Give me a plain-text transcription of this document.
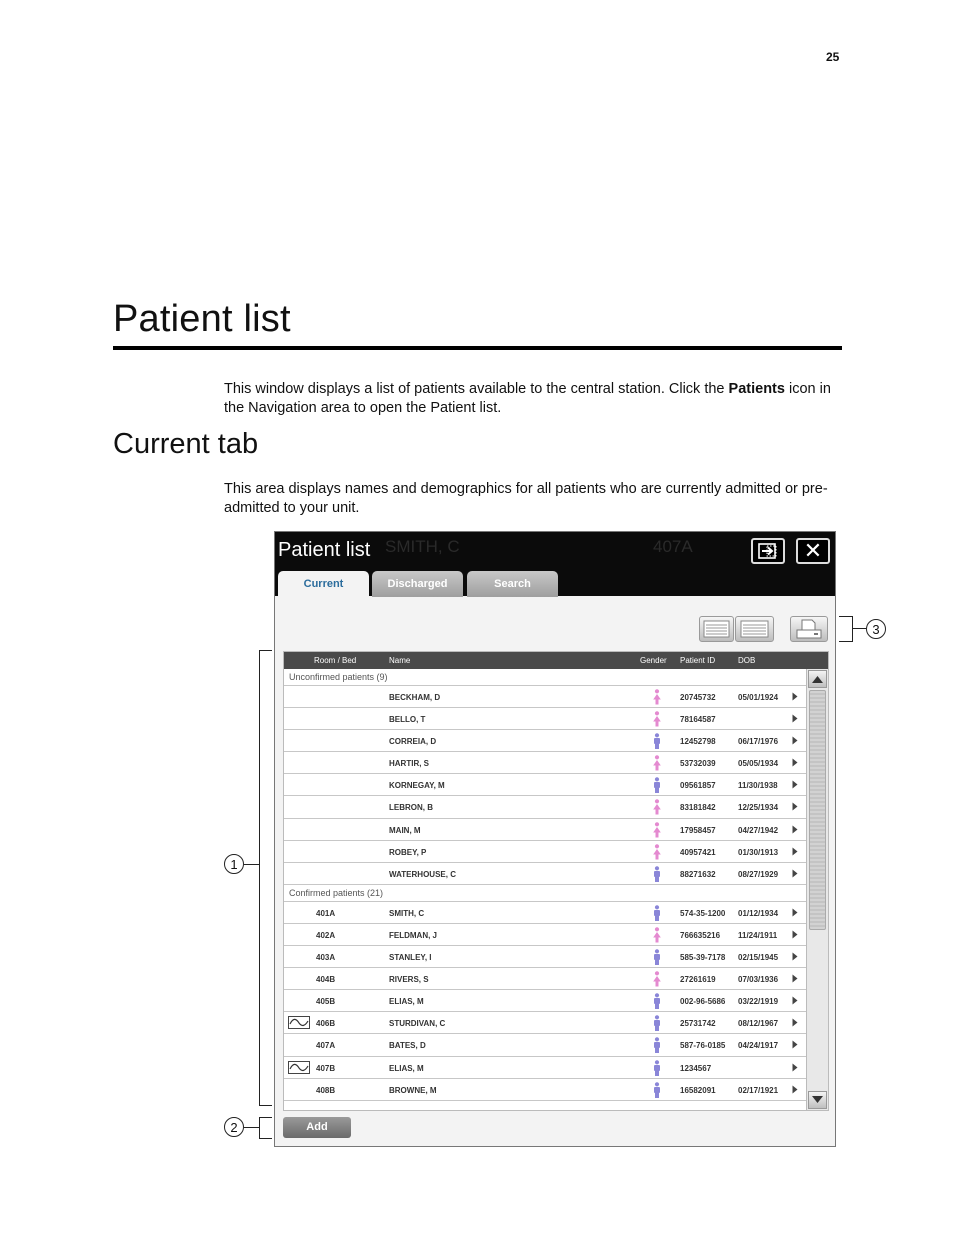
25
Patient list

This window displays a list of patients available to the central station. Click the Patients icon in the Navigation area to open the Patient list.

Current tab

This area displays names and demographics for all patients who are currently admitted or pre-admitted to your unit.

Patient list SMITH, C	407A	✕
Current	Discharged	Search
Room / Bed	Name	Gender Patient ID	DOB
Unconfirmed patients (9)
BECKHAM, D	20745732	05/01/1924
BELLO, T	78164587
CORREIA, D	12452798	06/17/1976
HARTIR, S	53732039	05/05/1934
KORNEGAY, M	09561857	11/30/1938
LEBRON, B	83181842	12/25/1934
MAIN, M	17958457	04/27/1942
ROBEY, P	40957421	01/30/1913
WATERHOUSE, C	88271632	08/27/1929
Confirmed patients (21)
401A	SMITH, C	574-35-1200 01/12/1934
402A	FELDMAN, J	766635216 11/24/1911
403A	STANLEY, I	585-39-7178 02/15/1945
404B	RIVERS, S	27261619	07/03/1936
405B	ELIAS, M	002-96-5686 03/22/1919
406B	STURDIVAN, C	25731742	08/12/1967
407A	BATES, D	587-76-0185 04/24/1917
407B	ELIAS, M	1234567
408B	BROWNE, M	16582091	02/17/1921
Add
1
2
3
